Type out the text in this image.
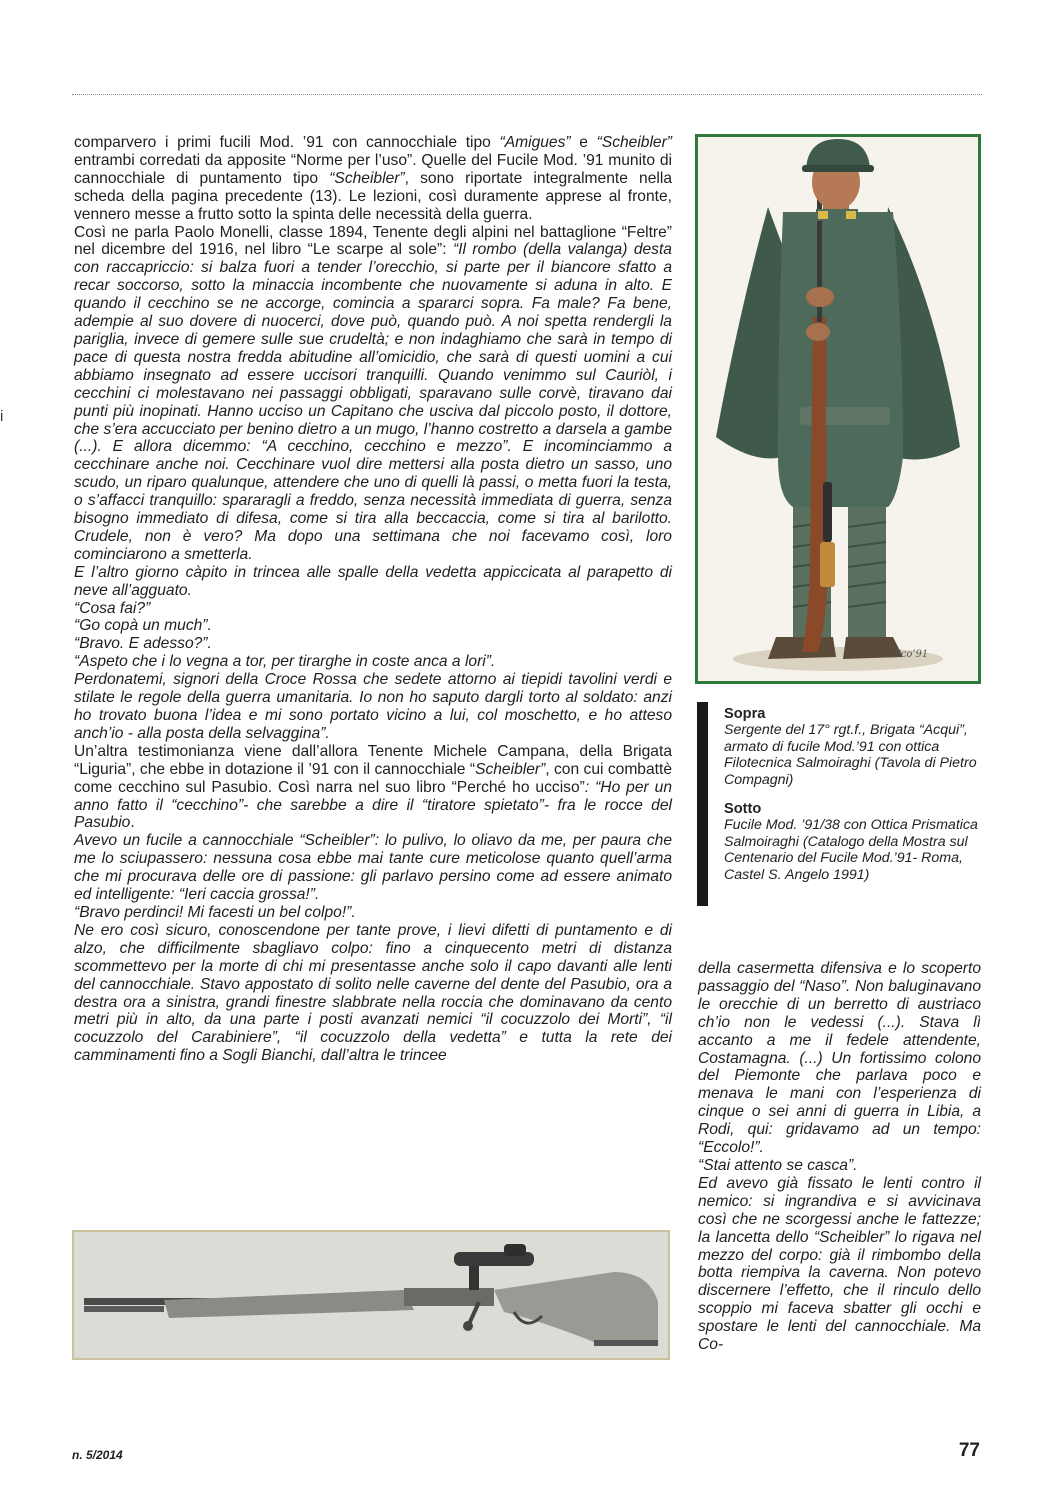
i

comparvero i primi fucili Mod. ’91 con cannocchiale tipo “Amigues” e “Scheibler” entrambi corredati da apposite “Norme per l’uso”. Quelle del Fucile Mod. ’91 munito di cannocchiale di puntamento tipo “Scheibler”, sono riportate integralmente nella scheda della pagina precedente (13). Le lezioni, così duramente apprese al fronte, vennero messe a frutto sotto la spinta delle necessità della guerra.

Così ne parla Paolo Monelli, classe 1894, Tenente degli alpini nel battaglione “Feltre” nel dicembre del 1916, nel libro “Le scarpe al sole”: “Il rombo (della valanga) desta con raccapriccio: si balza fuori a tender l’orecchio, si parte per il biancore sfatto a recar soccorso, sotto la minaccia incombente che nuovamente si aduna in alto. E quando il cecchino se ne accorge, comincia a spararci sopra. Fa male? Fa bene, adempie al suo dovere di nuocerci, dove può, quando può. A noi spetta rendergli la pariglia, invece di gemere sulle sue crudeltà; e non indaghiamo che sarà in tempo di pace di questa nostra fredda abitudine all’omicidio, che sarà di questi uomini a cui abbiamo insegnato ad essere uccisori tranquilli. Quando venimmo sul Cauriòl, i cecchini ci molestavano nei passaggi obbligati, sparavano sulle corvè, tiravano dai punti più inopinati. Hanno ucciso un Capitano che usciva dal piccolo posto, il dottore, che s’era accucciato per benino dietro a un mugo, l’hanno costretto a darsela a gambe (...). E allora dicemmo: “A cecchino, cecchino e mezzo”. E incominciammo a cecchinare anche noi. Cecchinare vuol dire mettersi alla posta dietro un sasso, uno scudo, un riparo qualunque, attendere che uno di quelli là passi, o metta fuori la testa, o s’affacci tranquillo: spararagli a freddo, senza necessità immediata di guerra, senza bisogno immediato di difesa, come si tira alla beccaccia, come si tira al barilotto. Crudele, non è vero? Ma dopo una settimana che noi facevamo così, loro cominciarono a smetterla.

E l’altro giorno càpito in trincea alle spalle della vedetta appiccicata al parapetto di neve all’agguato.

“Cosa fai?”

“Go copà un much”.

“Bravo. E adesso?”.

“Aspeto che i lo vegna a tor, per tirarghe in coste anca a lori”.

Perdonatemi, signori della Croce Rossa che sedete attorno ai tiepidi tavolini verdi e stilate le regole della guerra umanitaria. Io non ho saputo dargli torto al soldato: anzi ho trovato buona l’idea e mi sono portato vicino a lui, col moschetto, e ho atteso anch’io - alla posta della selvaggina”.

Un’altra testimonianza viene dall’allora Tenente Michele Campana, della Brigata “Liguria”, che ebbe in dotazione il ’91 con il cannocchiale “Scheibler”, con cui combattè come cecchino sul Pasubio. Così narra nel suo libro “Perché ho ucciso”: “Ho per un anno fatto il “cecchino”- che sarebbe a dire il “tiratore spietato”- fra le rocce del Pasubio.

Avevo un fucile a cannocchiale “Scheibler”: lo pulivo, lo oliavo da me, per paura che me lo sciupassero: nessuna cosa ebbe mai tante cure meticolose quanto quell’arma che mi procurava delle ore di passione: gli parlavo persino come ad essere animato ed intelligente: “Ieri caccia grossa!”.

“Bravo perdinci! Mi facesti un bel colpo!”.

Ne ero così sicuro, conoscendone per tante prove, i lievi difetti di puntamento e di alzo, che difficilmente sbagliavo colpo: fino a cinquecento metri di distanza scommettevo per la morte di chi mi presentasse anche solo il capo davanti alle lenti del cannocchiale. Stavo appostato di solito nelle caverne del dente del Pasubio, ora a destra ora a sinistra, grandi finestre slabbrate nella roccia che dominavano da cento metri più in alto, da una parte i posti avanzati nemici “il cocuzzolo dei Morti”, “il cocuzzolo del Carabiniere”, “il cocuzzolo della vedetta” e tutta la rete dei camminamenti fino a Sogli Bianchi, dall’altra le trincee

Pco’91
Sopra
Sergente del 17° rgt.f., Brigata “Acqui”, armato di fucile Mod.’91 con ottica Filotecnica Salmoiraghi (Tavola di Pietro Compagni)
Sotto
Fucile Mod. ’91/38 con Ottica Prismatica Salmoiraghi (Catalogo della Mostra sul Centenario del Fucile Mod.’91- Roma, Castel S. Angelo 1991)

della casermetta difensiva e lo scoperto passaggio del “Naso”. Non baluginavano le orecchie di un berretto di austriaco ch’io non le vedessi (...). Stava lì accanto a me il fedele attendente, Costamagna. (...) Un fortissimo colono del Piemonte che parlava poco e menava le mani con l’esperienza di cinque o sei anni di guerra in Libia, a Rodi, qui: gridavamo ad un tempo: “Eccolo!”.

“Stai attento se casca”.

Ed avevo già fissato le lenti contro il nemico: si ingrandiva e si avvicinava così che ne scorgessi anche le fattezze; la lancetta dello “Scheibler” lo rigava nel mezzo del corpo: già il rimbombo della botta riempiva la caverna. Non potevo discernere l’effetto, che il rinculo dello scoppio mi faceva sbatter gli occhi e spostare le lenti del cannocchiale. Ma Co-

n. 5/2014	77
